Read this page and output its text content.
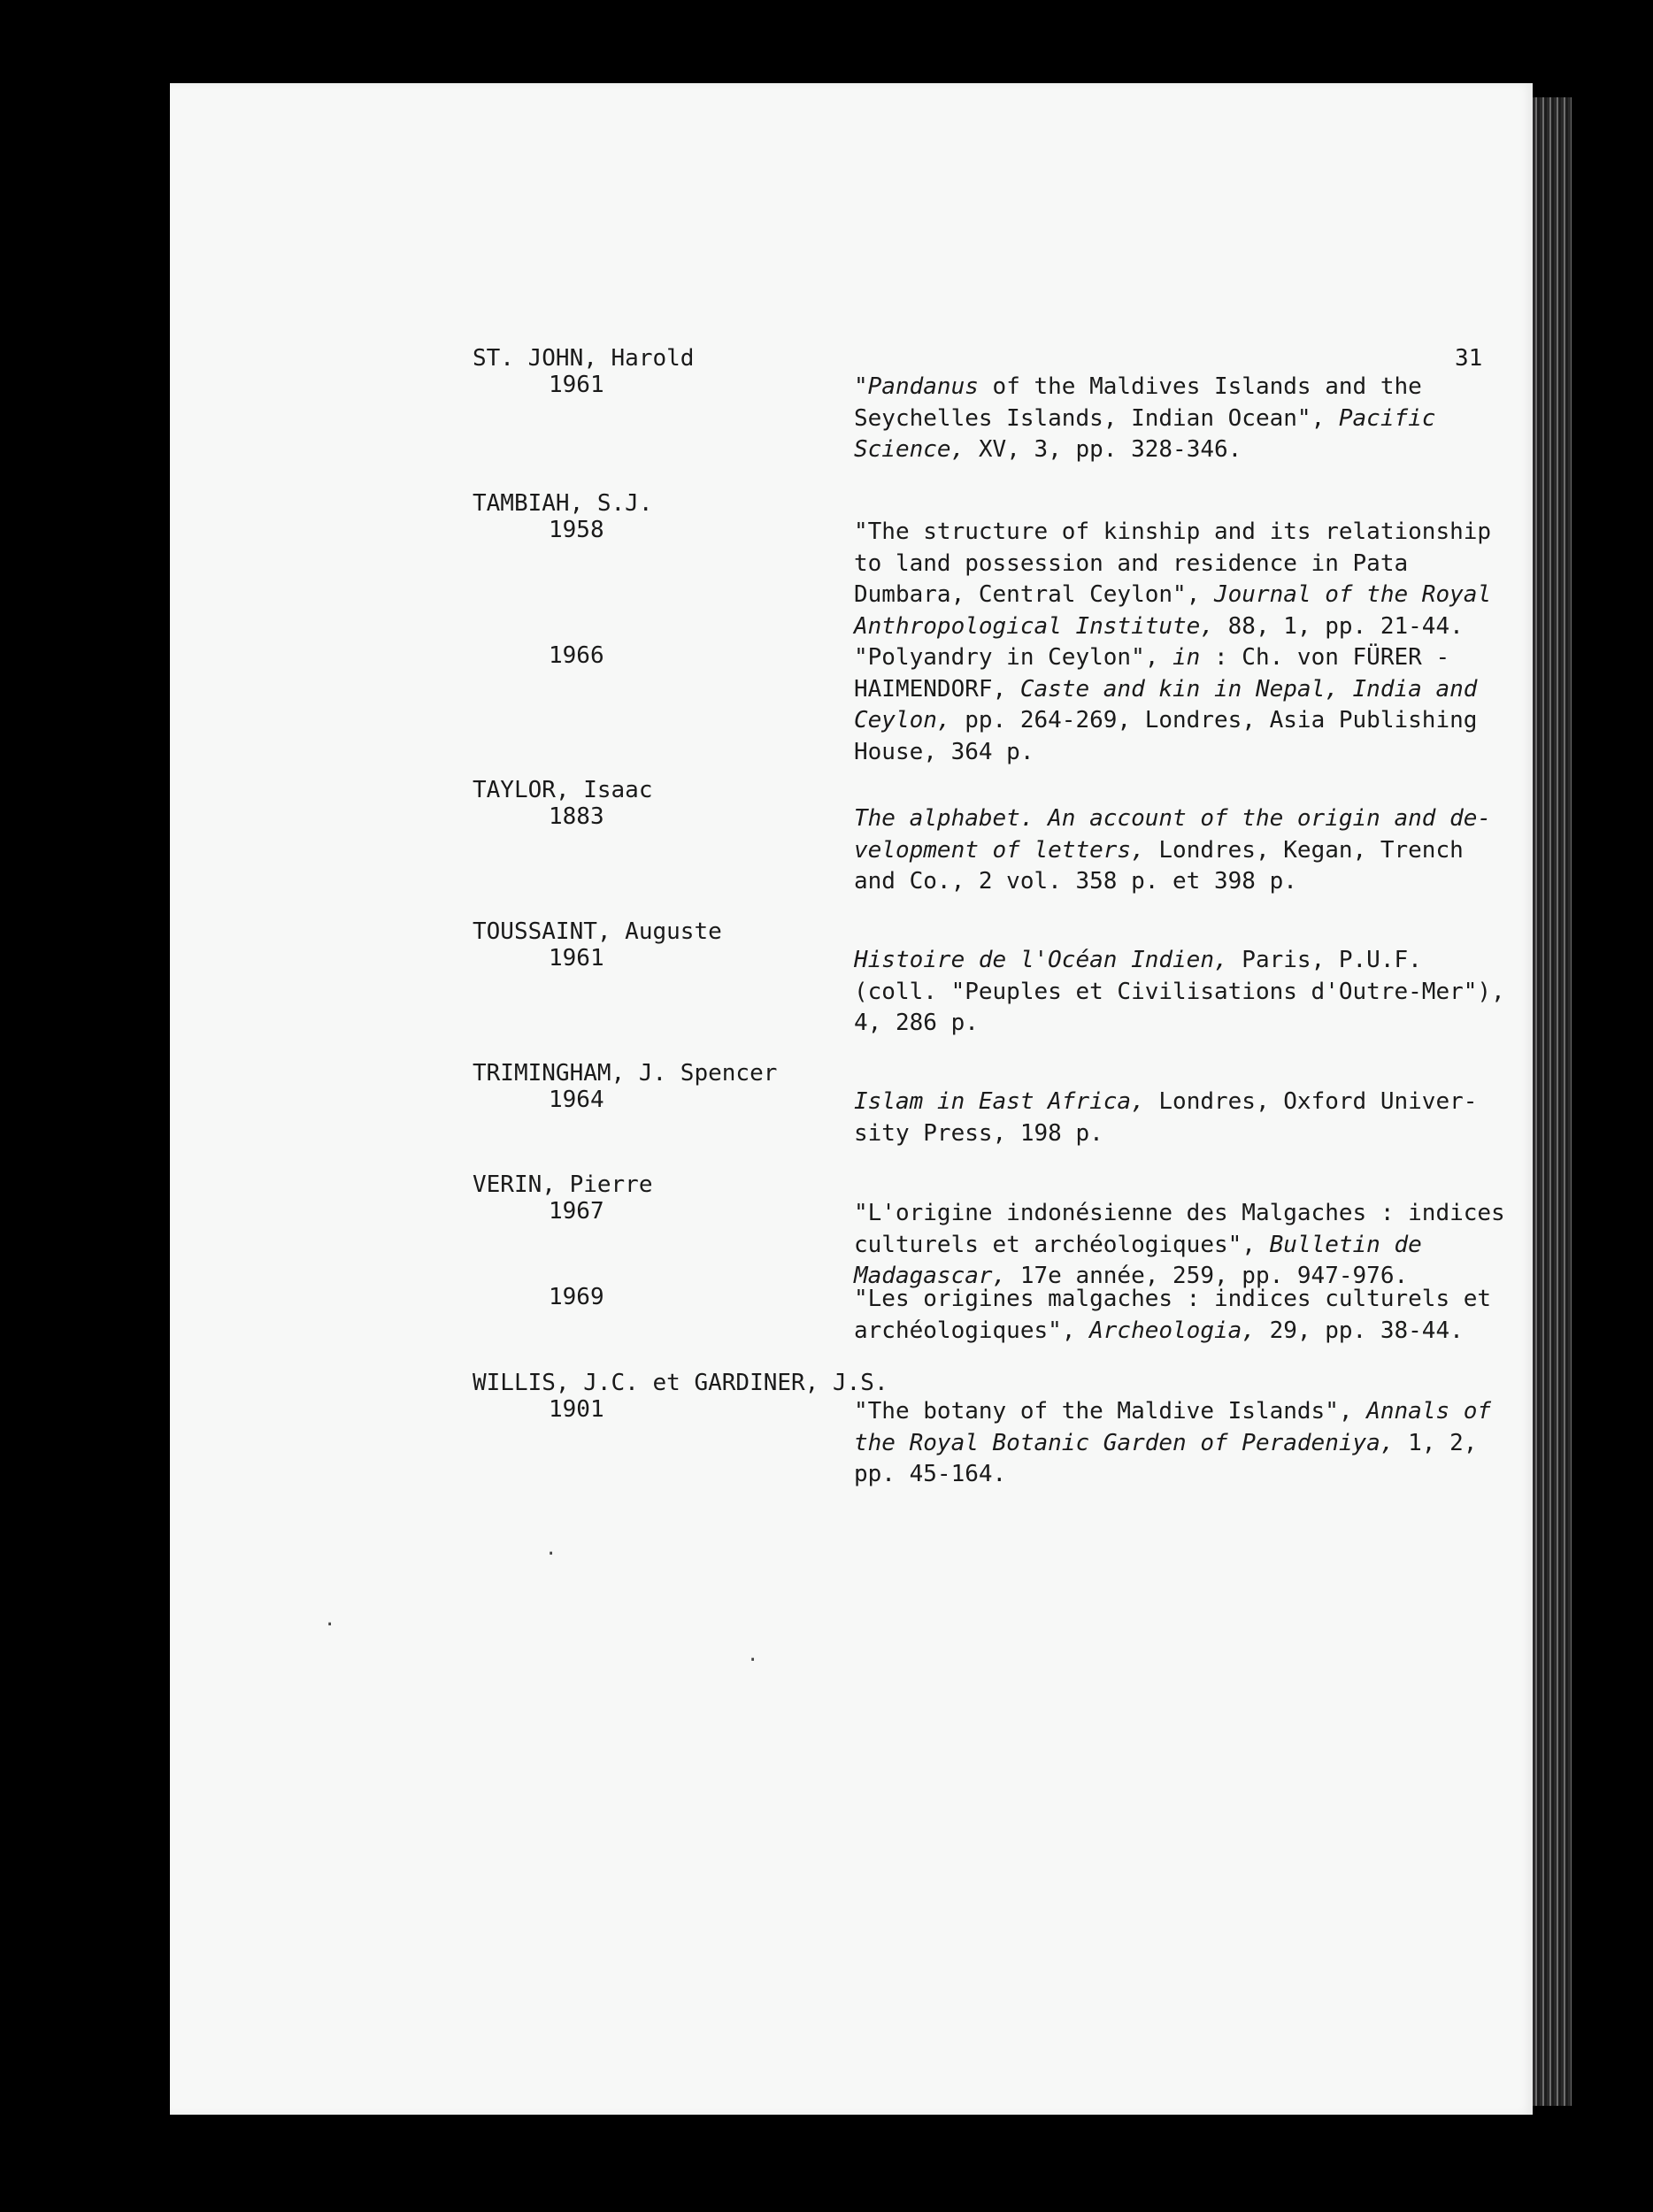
31
ST. JOHN, Harold
1961	"Pandanus of the Maldives Islands and the
Seychelles Islands, Indian Ocean", Pacific
Science, XV, 3, pp. 328-346.
TAMBIAH, S.J.
1958	"The structure of kinship and its relationship
to land possession and residence in Pata
Dumbara, Central Ceylon", Journal of the Royal
Anthropological Institute, 88, 1, pp. 21-44.
1966	"Polyandry in Ceylon", in : Ch. von FÜRER -
HAIMENDORF, Caste and kin in Nepal, India and
Ceylon, pp. 264-269, Londres, Asia Publishing
House, 364 p.
TAYLOR, Isaac
1883	The alphabet. An account of the origin and de-
velopment of letters, Londres, Kegan, Trench
and Co., 2 vol. 358 p. et 398 p.
TOUSSAINT, Auguste
1961	Histoire de l'Océan Indien, Paris, P.U.F.
(coll. "Peuples et Civilisations d'Outre-Mer"),
4, 286 p.
TRIMINGHAM, J. Spencer
1964	Islam in East Africa, Londres, Oxford Univer-
sity Press, 198 p.
VERIN, Pierre
1967	"L'origine indonésienne des Malgaches : indices
culturels et archéologiques", Bulletin de
Madagascar, 17e année, 259, pp. 947-976.
1969	"Les origines malgaches : indices culturels et
archéologiques", Archeologia, 29, pp. 38-44.
WILLIS, J.C. et GARDINER, J.S.
1901	"The botany of the Maldive Islands", Annals of
the Royal Botanic Garden of Peradeniya, 1, 2,
pp. 45-164.
·
·
·
